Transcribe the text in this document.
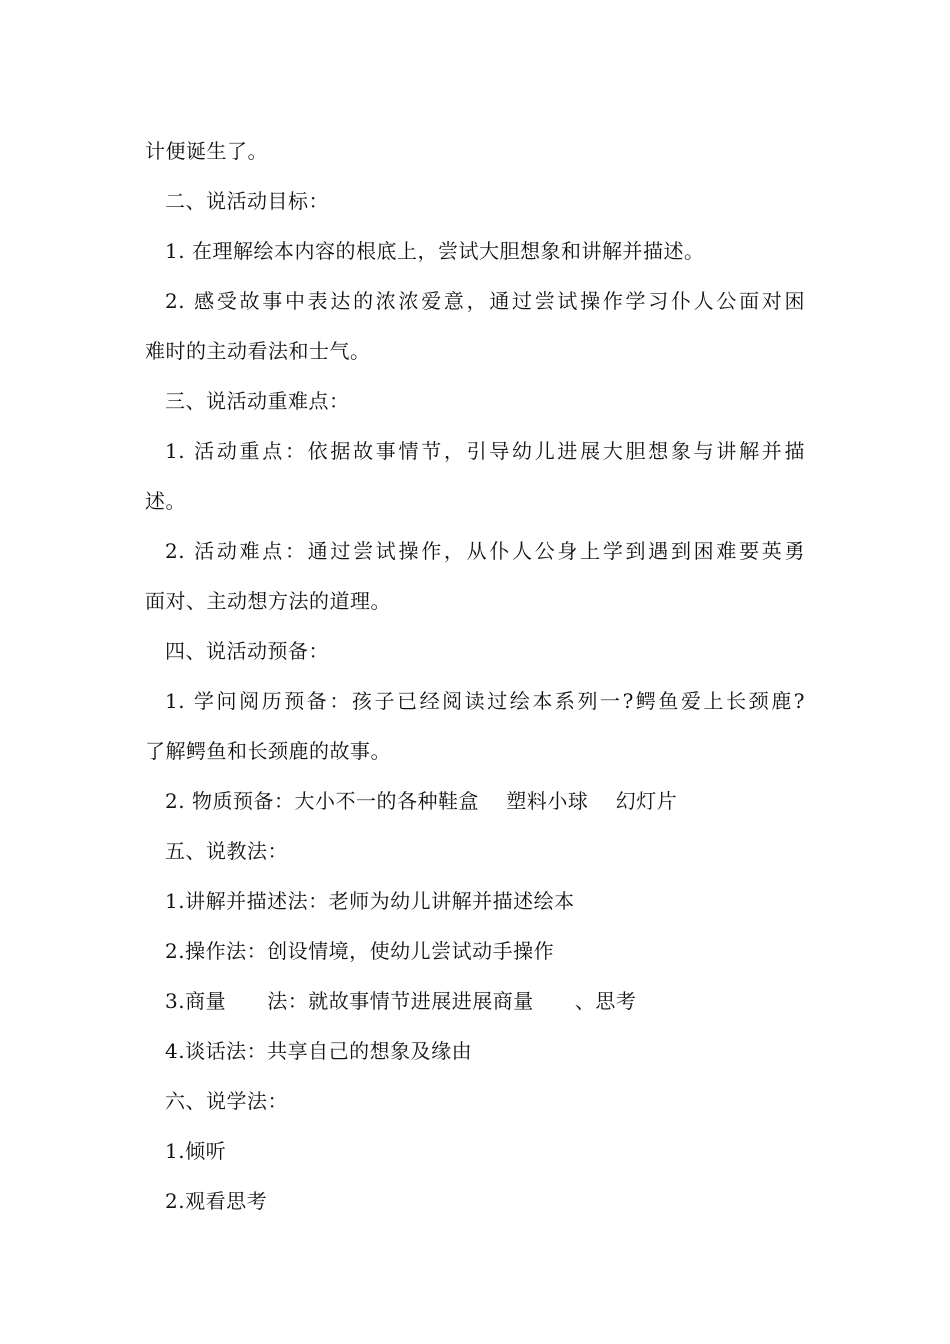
计便诞生了。
二、说活动目标：
1. 在理解绘本内容的根底上，尝试大胆想象和讲解并描述。
2. 感受故事中表达的浓浓爱意，通过尝试操作学习仆人公面对困
难时的主动看法和士气。
三、说活动重难点：
1. 活动重点：依据故事情节，引导幼儿进展大胆想象与讲解并描
述。
2. 活动难点：通过尝试操作，从仆人公身上学到遇到困难要英勇
面对、主动想方法的道理。
四、说活动预备：
1. 学问阅历预备：孩子已经阅读过绘本系列一?鳄鱼爱上长颈鹿?
了解鳄鱼和长颈鹿的故事。
2. 物质预备：大小不一的各种鞋盒    塑料小球    幻灯片
五、说教法：
1.讲解并描述法：老师为幼儿讲解并描述绘本
2.操作法：创设情境，使幼儿尝试动手操作
3.商量      法：就故事情节进展进展商量      、思考
4.谈话法：共享自己的想象及缘由
六、说学法：
1.倾听
2.观看思考
